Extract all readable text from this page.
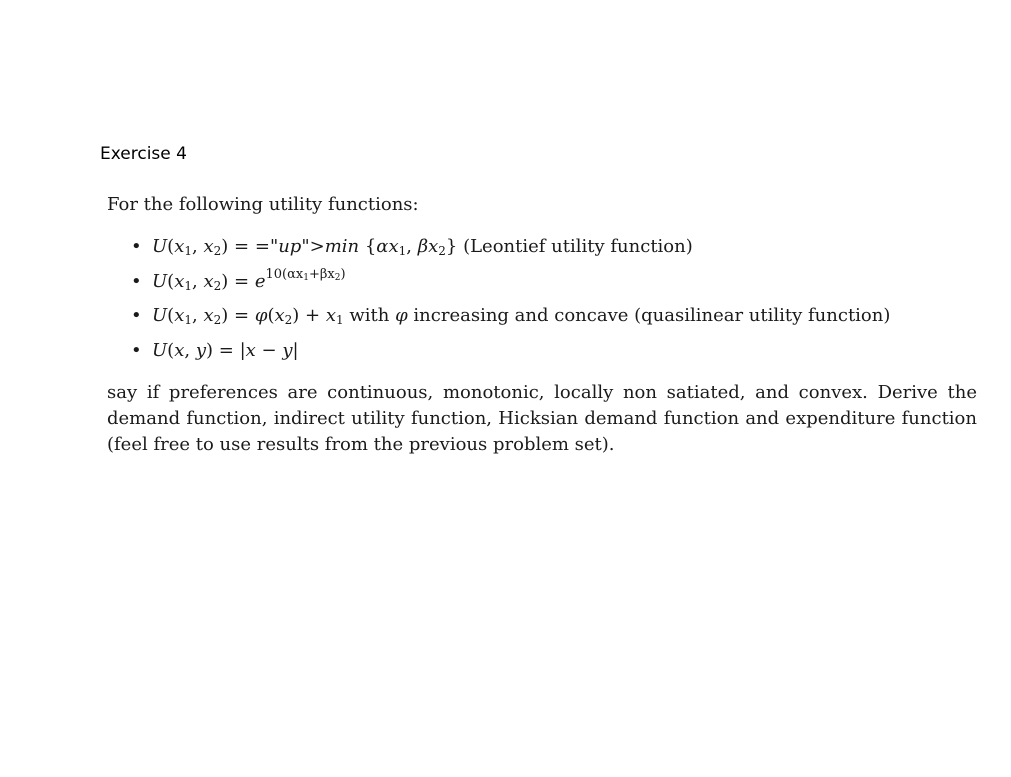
Exercise 4

For the following utility functions:

• $U(x_1$, $x_2$) = ="up">min {$\alpha x_1$, $\beta x_2$} (Leontief utility function)
• $U(x_1$, $x_2) = e^{10(\alpha x_1+\beta x_2)}$
• $U(x_1$, $x_2) = \varphi(x_2) + x_1$ with φ increasing and concave (quasilinear utility function)
• U(x, y) = |x − y|

say if preferences are continuous, monotonic, locally non satiated, and convex. Derive the demand function, indirect utility function, Hicksian demand function and expenditure function (feel free to use results from the previous problem set).
